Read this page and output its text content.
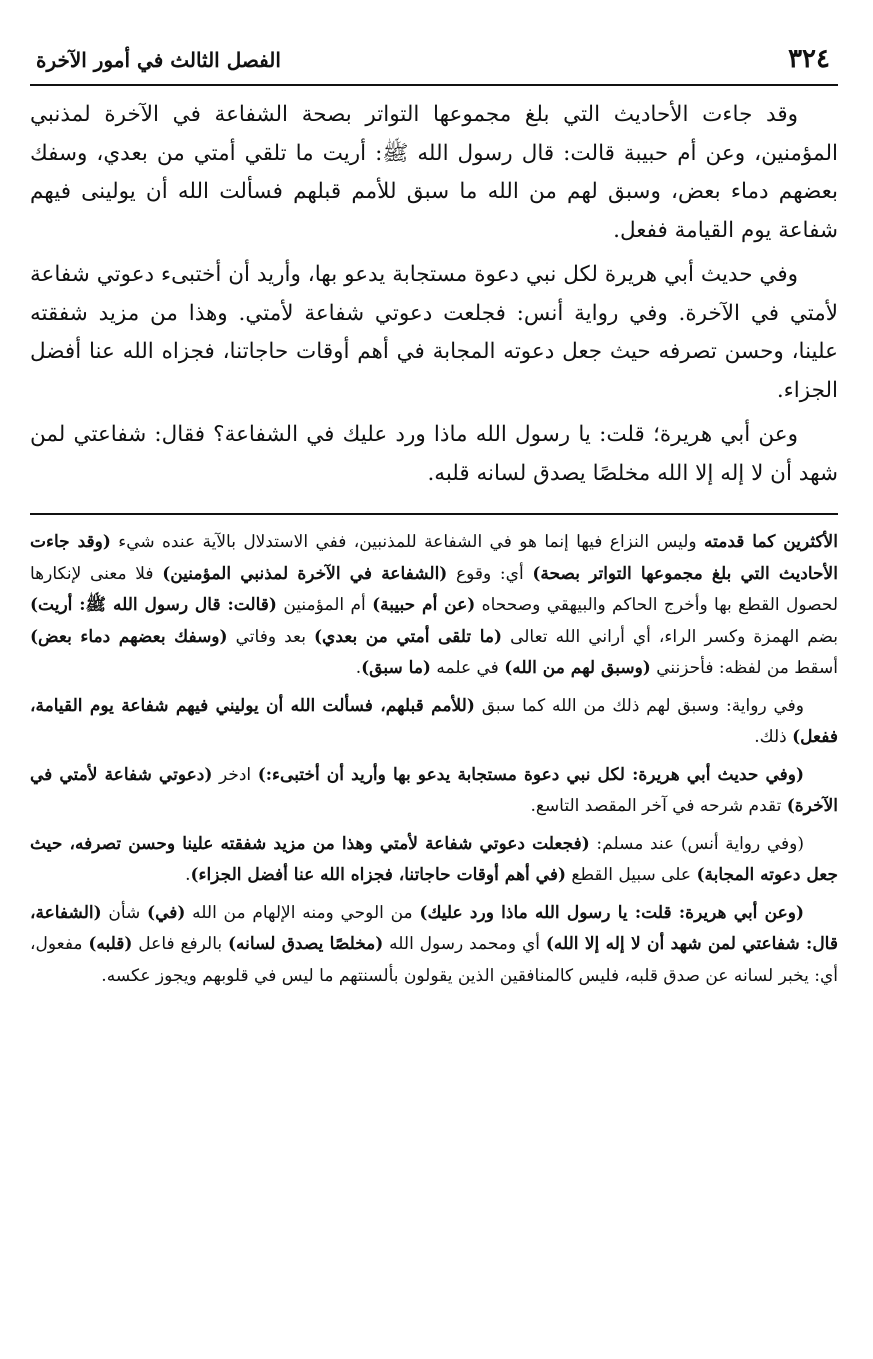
٣٢٤
الفصل الثالث في أمور الآخرة

وقد جاءت الأحاديث التي بلغ مجموعها التواتر بصحة الشفاعة في الآخرة لمذنبي المؤمنين، وعن أم حبيبة قالت: قال رسول الله ﷺ: أريت ما تلقي أمتي من بعدي، وسفك بعضهم دماء بعض، وسبق لهم من الله ما سبق للأمم قبلهم فسألت الله أن يولينى فيهم شفاعة يوم القيامة ففعل.

وفي حديث أبي هريرة لكل نبي دعوة مستجابة يدعو بها، وأريد أن أختبىء دعوتي شفاعة لأمتي في الآخرة. وفي رواية أنس: فجلعت دعوتي شفاعة لأمتي. وهذا من مزيد شفقته علينا، وحسن تصرفه حيث جعل دعوته المجابة في أهم أوقات حاجاتنا، فجزاه الله عنا أفضل الجزاء.

وعن أبي هريرة؛ قلت: يا رسول الله ماذا ورد عليك في الشفاعة؟ فقال: شفاعتي لمن شهد أن لا إله إلا الله مخلصًا يصدق لسانه قلبه.

الأكثرين كما قدمته وليس النزاع فيها إنما هو في الشفاعة للمذنبين، ففي الاستدلال بالآية عنده شيء (وقد جاءت الأحاديث التي بلغ مجموعها التواتر بصحة) أي: وقوع (الشفاعة في الآخرة لمذنبي المؤمنين) فلا معنى لإنكارها لحصول القطع بها وأخرج الحاكم والبيهقي وصححاه (عن أم حبيبة) أم المؤمنين (قالت: قال رسول الله ﷺ: أريت) بضم الهمزة وكسر الراء، أي أراني الله تعالى (ما تلقى أمتي من بعدي) بعد وفاتي (وسفك بعضهم دماء بعض) أسقط من لفظه: فأحزنني (وسبق لهم من الله) في علمه (ما سبق).

وفي رواية: وسبق لهم ذلك من الله كما سبق (للأمم قبلهم، فسألت الله أن يوليني فيهم شفاعة يوم القيامة، ففعل) ذلك.

(وفي حديث أبي هريرة: لكل نبي دعوة مستجابة يدعو بها وأريد أن أختبىء:) ادخر (دعوتي شفاعة لأمتي في الآخرة) تقدم شرحه في آخر المقصد التاسع.

(وفي رواية أنس) عند مسلم: (فجعلت دعوتي شفاعة لأمتي وهذا من مزيد شفقته علينا وحسن تصرفه، حيث جعل دعوته المجابة) على سبيل القطع (في أهم أوقات حاجاتنا، فجزاه الله عنا أفضل الجزاء).

(وعن أبي هريرة: قلت: يا رسول الله ماذا ورد عليك) من الوحي ومنه الإلهام من الله (في) شأن (الشفاعة، قال: شفاعتي لمن شهد أن لا إله إلا الله) أي ومحمد رسول الله (مخلصًا يصدق لسانه) بالرفع فاعل (قلبه) مفعول، أي: يخبر لسانه عن صدق قلبه، فليس كالمنافقين الذين يقولون بألسنتهم ما ليس في قلوبهم ويجوز عكسه.
